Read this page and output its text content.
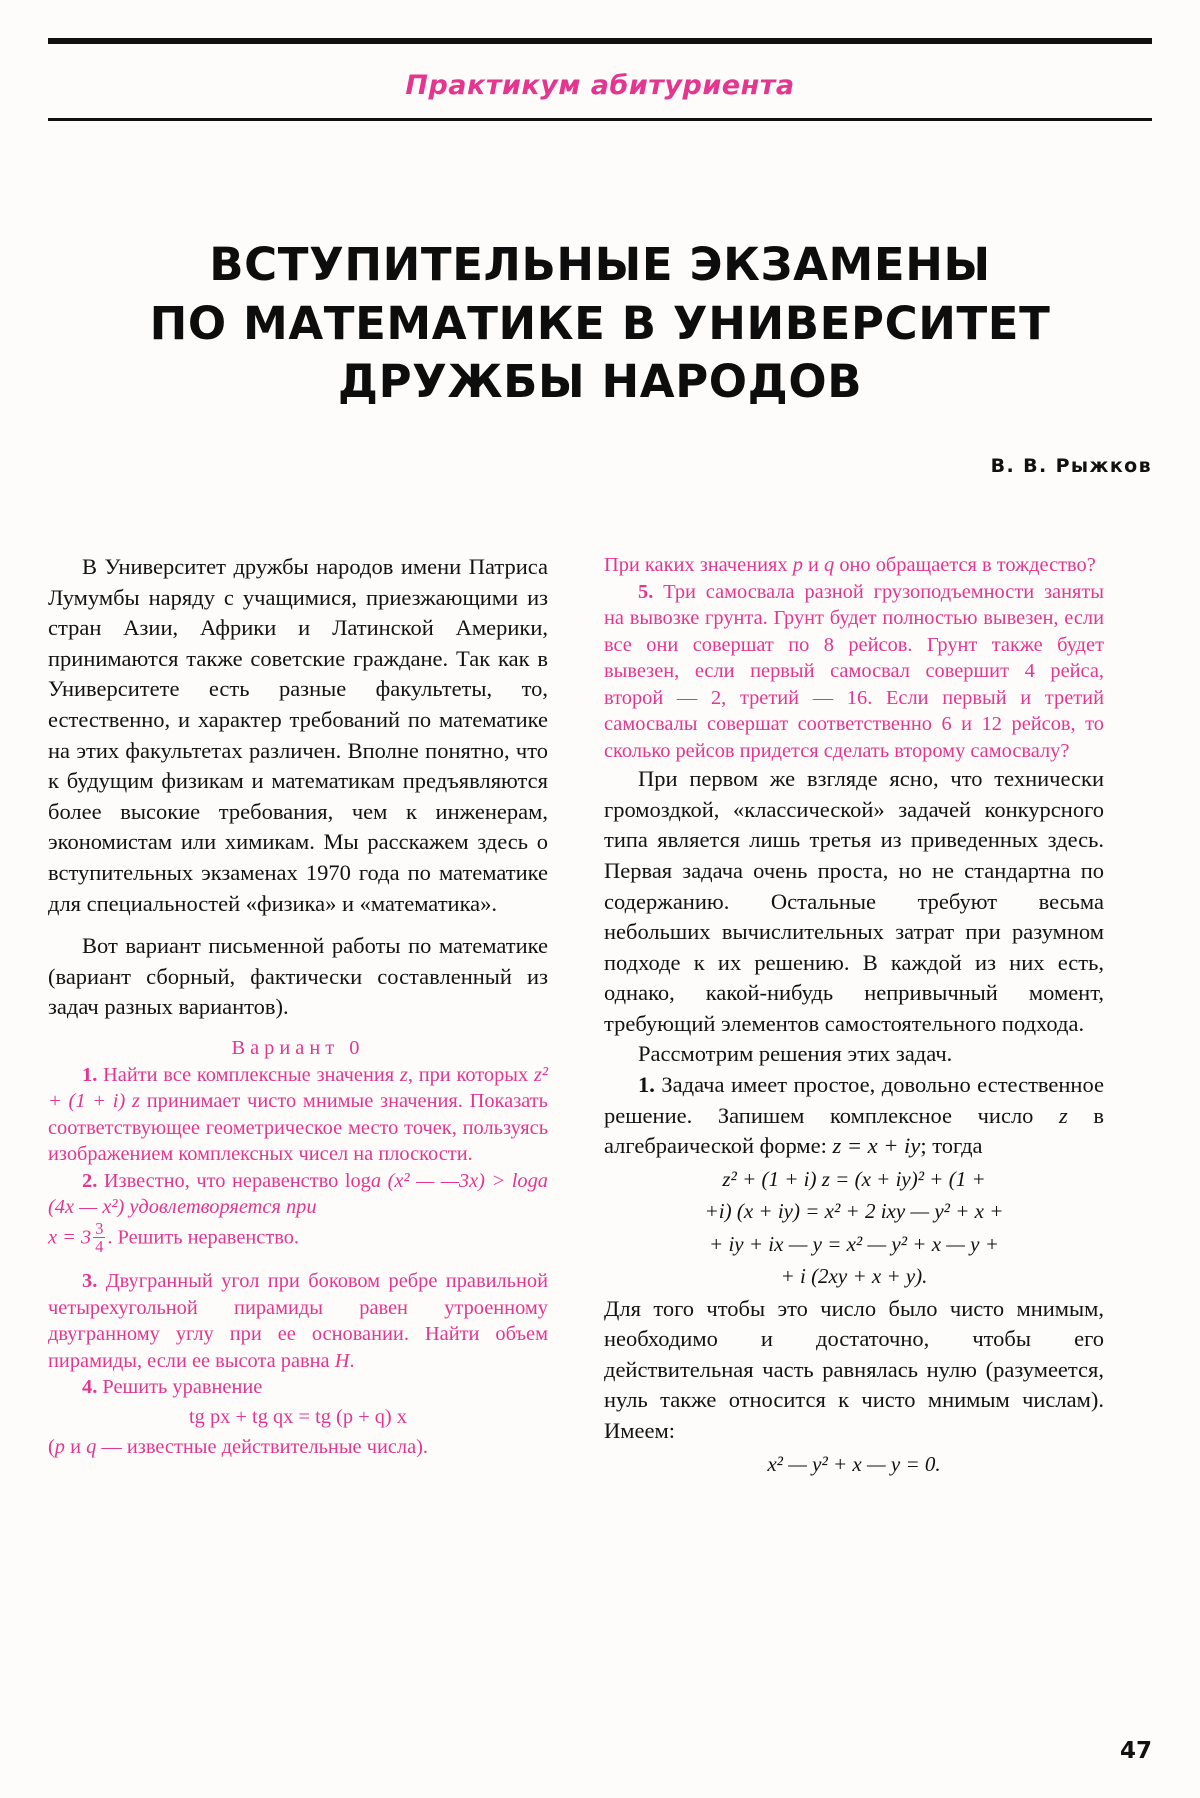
Практикум абитуриента
ВСТУПИТЕЛЬНЫЕ ЭКЗАМЕНЫ
ПО МАТЕМАТИКЕ В УНИВЕРСИТЕТ
ДРУЖБЫ НАРОДОВ
В. В. Рыжков

В Университет дружбы народов имени Патриса Лумумбы наряду с учащимися, приезжающими из стран Азии, Африки и Латинской Америки, принимаются также советские граждане. Так как в Университете есть разные факультеты, то, естественно, и характер требований по математике на этих факультетах различен. Вполне понятно, что к будущим физикам и математикам предъявляются более высокие требования, чем к инженерам, экономистам или химикам. Мы расскажем здесь о вступительных экзаменах 1970 года по математике для специальностей «физика» и «математика».

Вот вариант письменной работы по математике (вариант сборный, фактически составленный из задач разных вариантов).

Вариант 0

1. Найти все комплексные значения z, при которых z² + (1 + i) z принимает чисто мнимые значения. Показать соответствующее геометрическое место точек, пользуясь изображением комплексных чисел на плоскости.

2. Известно, что неравенство loga (x² — —3x) > loga (4x — x²) удовлетворяется при

$x = 3 \frac{3}{4}$ . Решить неравенство.

3. Двугранный угол при боковом ребре правильной четырехугольной пирамиды равен утроенному двугранному углу при ее основании. Найти объем пирамиды, если ее высота равна H.

4. Решить уравнение

tg px + tg qx = tg (p + q) x

(p и q — известные действительные числа).

При каких значениях p и q оно обращается в тождество?

5. Три самосвала разной грузоподъемности заняты на вывозке грунта. Грунт будет полностью вывезен, если все они совершат по 8 рейсов. Грунт также будет вывезен, если первый самосвал совершит 4 рейса, второй — 2, третий — 16. Если первый и третий самосвалы совершат соответственно 6 и 12 рейсов, то сколько рейсов придется сделать второму самосвалу?

При первом же взгляде ясно, что технически громоздкой, «классической» задачей конкурсного типа является лишь третья из приведенных здесь. Первая задача очень проста, но не стандартна по содержанию. Остальные требуют весьма небольших вычислительных затрат при разумном подходе к их решению. В каждой из них есть, однако, какой-нибудь непривычный момент, требующий элементов самостоятельного подхода.

Рассмотрим решения этих задач.

1. Задача имеет простое, довольно естественное решение. Запишем комплексное число z в алгебраической форме: z = x + iy; тогда

z² + (1 + i) z = (x + iy)² + (1 +
+i) (x + iy) = x² + 2 ixy — y² + x +
+ iy + ix — y = x² — y² + x — y +
+ i (2xy + x + y).

Для того чтобы это число было чисто мнимым, необходимо и достаточно, чтобы его действительная часть равнялась нулю (разумеется, нуль также относится к чисто мнимым числам). Имеем:

x² — y² + x — y = 0.
47
